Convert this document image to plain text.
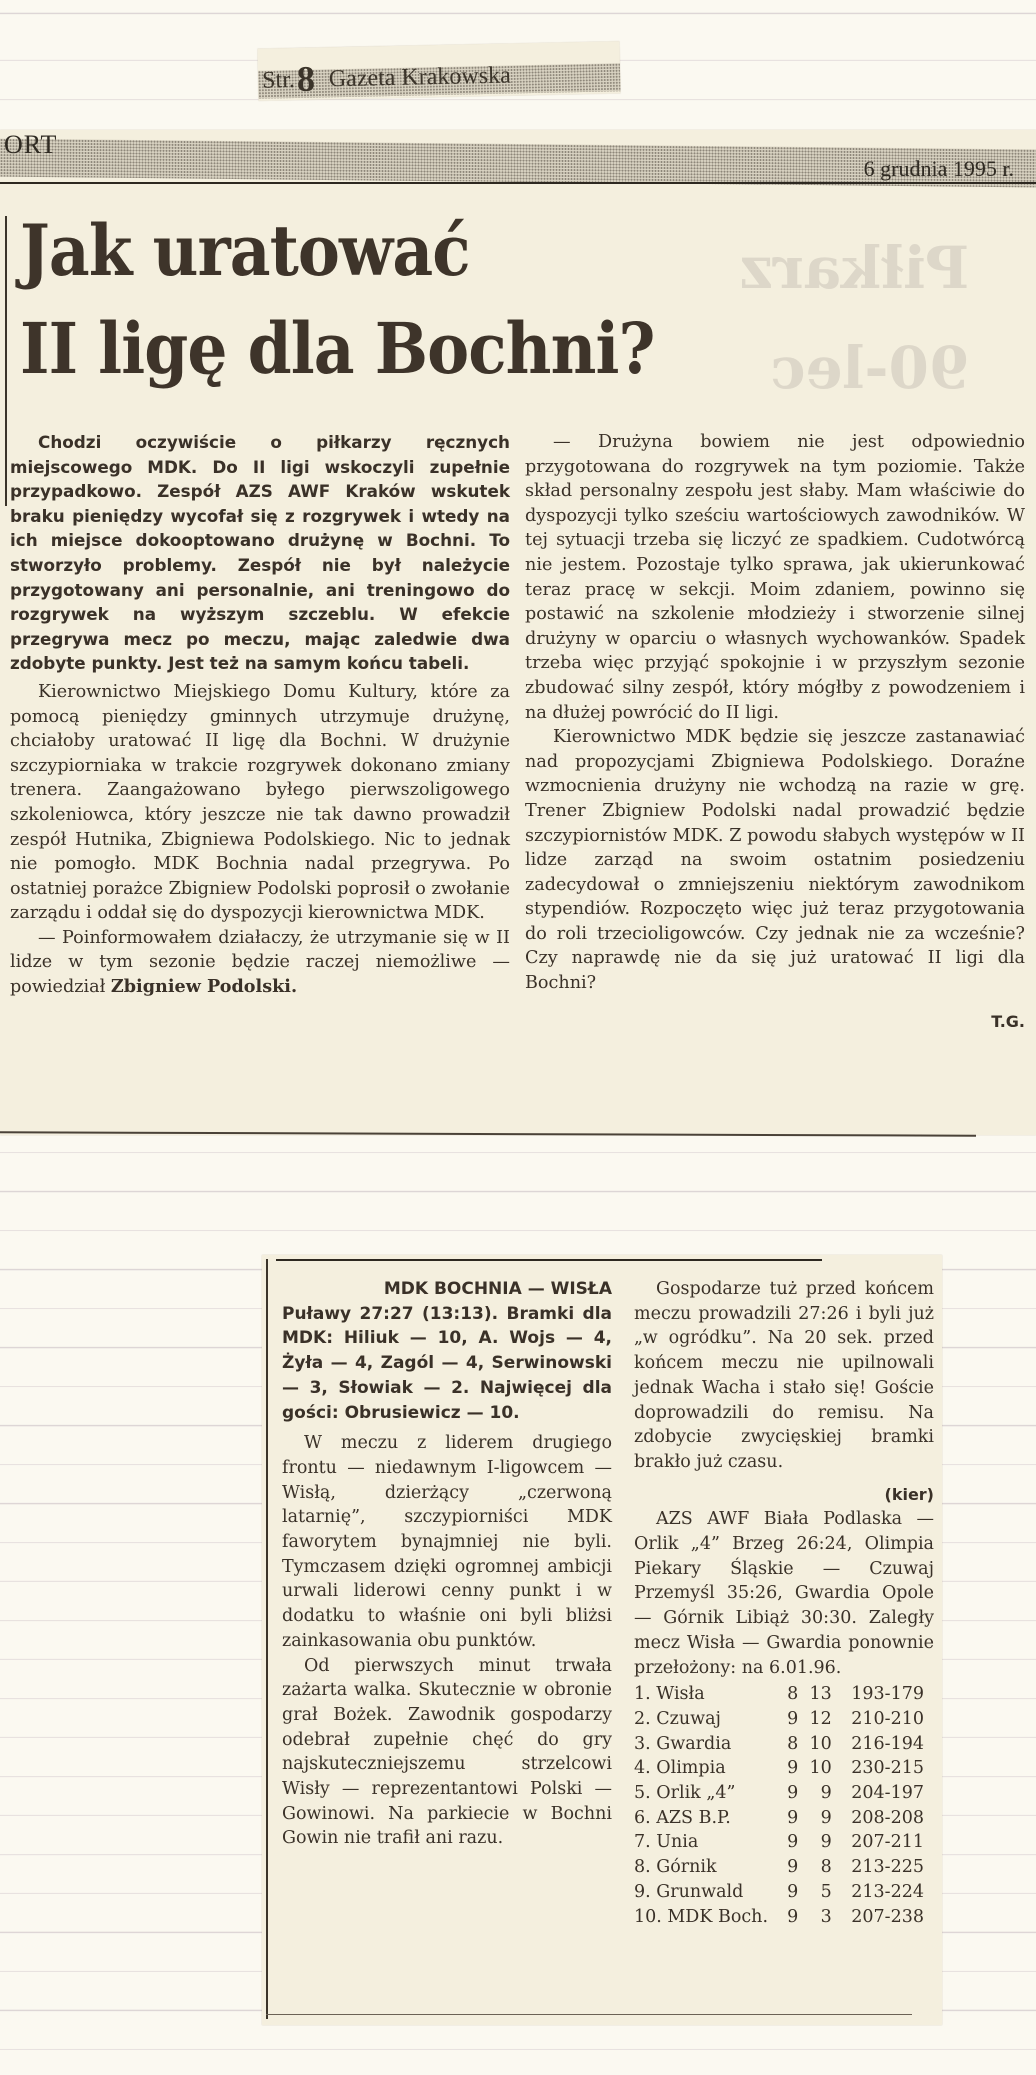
Str.8 Gazeta Krakowska
ORT
6 grudnia 1995 r.
Piłkarz
90-lec
Jak uratować
II ligę dla Bochni?

Chodzi oczywiście o piłkarzy ręcznych miejscowego MDK. Do II ligi wskoczyli zupełnie przypadkowo. Zespół AZS AWF Kraków wskutek braku pieniędzy wycofał się z rozgrywek i wtedy na ich miejsce dokooptowano drużynę w Bochni. To stworzyło problemy. Zespół nie był należycie przygotowany ani personalnie, ani treningowo do rozgrywek na wyższym szczeblu. W efekcie przegrywa mecz po meczu, mając zaledwie dwa zdobyte punkty. Jest też na samym końcu tabeli.

Kierownictwo Miejskiego Domu Kultury, które za pomocą pieniędzy gminnych utrzymuje drużynę, chciałoby uratować II ligę dla Bochni. W drużynie szczypiorniaka w trakcie rozgrywek dokonano zmiany trenera. Zaangażowano byłego pierwszoligowego szkoleniowca, który jeszcze nie tak dawno prowadził zespół Hutnika, Zbigniewa Podolskiego. Nic to jednak nie pomogło. MDK Bochnia nadal przegrywa. Po ostatniej porażce Zbigniew Podolski poprosił o zwołanie zarządu i oddał się do dyspozycji kierownictwa MDK.

— Poinformowałem działaczy, że utrzymanie się w II lidze w tym sezonie będzie raczej niemożliwe — powiedział Zbigniew Podolski.

— Drużyna bowiem nie jest odpowiednio przygotowana do rozgrywek na tym poziomie. Także skład personalny zespołu jest słaby. Mam właściwie do dyspozycji tylko sześciu wartościowych zawodników. W tej sytuacji trzeba się liczyć ze spadkiem. Cudotwórcą nie jestem. Pozostaje tylko sprawa, jak ukierunkować teraz pracę w sekcji. Moim zdaniem, powinno się postawić na szkolenie młodzieży i stworzenie silnej drużyny w oparciu o własnych wychowanków. Spadek trzeba więc przyjąć spokojnie i w przyszłym sezonie zbudować silny zespół, który mógłby z powodzeniem i na dłużej powrócić do II ligi.

Kierownictwo MDK będzie się jeszcze zastanawiać nad propozycjami Zbigniewa Podolskiego. Doraźne wzmocnienia drużyny nie wchodzą na razie w grę. Trener Zbigniew Podolski nadal prowadzić będzie szczypiornistów MDK. Z powodu słabych występów w II lidze zarząd na swoim ostatnim posiedzeniu zadecydował o zmniejszeniu niektórym zawodnikom stypendiów. Rozpoczęto więc już teraz przygotowania do roli trzecioligowców. Czy jednak nie za wcześnie? Czy naprawdę nie da się już uratować II ligi dla Bochni?

T.G.

MDK BOCHNIA — WISŁA
Puławy 27:27 (13:13). Bramki dla MDK: Hiliuk — 10, A. Wojs — 4, Żyła — 4, Zagól — 4, Serwinowski — 3, Słowiak — 2. Najwięcej dla gości: Obrusiewicz — 10.

W meczu z liderem drugiego frontu — niedawnym I-ligowcem — Wisłą, dzierżący „czerwoną latarnię”, szczypiorniści MDK faworytem bynajmniej nie byli. Tymczasem dzięki ogromnej ambicji urwali liderowi cenny punkt i w dodatku to właśnie oni byli bliżsi zainkasowania obu punktów.

Od pierwszych minut trwała zażarta walka. Skutecznie w obronie grał Bożek. Zawodnik gospodarzy odebrał zupełnie chęć do gry najskuteczniejszemu strzelcowi Wisły — reprezentantowi Polski — Gowinowi. Na parkiecie w Bochni Gowin nie trafił ani razu.

Gospodarze tuż przed końcem meczu prowadzili 27:26 i byli już „w ogródku”. Na 20 sek. przed końcem meczu nie upilnowali jednak Wacha i stało się! Goście doprowadzili do remisu. Na zdobycie zwycięskiej bramki brakło już czasu.

(kier)

AZS AWF Biała Podlaska — Orlik „4” Brzeg 26:24, Olimpia Piekary Śląskie — Czuwaj Przemyśl 35:26, Gwardia Opole — Górnik Libiąż 30:30. Zaległy mecz Wisła — Gwardia ponownie przełożony: na 6.01.96.

1. Wisła	8	13	193-179
2. Czuwaj	9	12	210-210
3. Gwardia	8	10	216-194
4. Olimpia	9	10	230-215
5. Orlik „4”	9	9	204-197
6. AZS B.P.	9	9	208-208
7. Unia	9	9	207-211
8. Górnik	9	8	213-225
9. Grunwald	9	5	213-224
10. MDK Boch.	9	3	207-238
